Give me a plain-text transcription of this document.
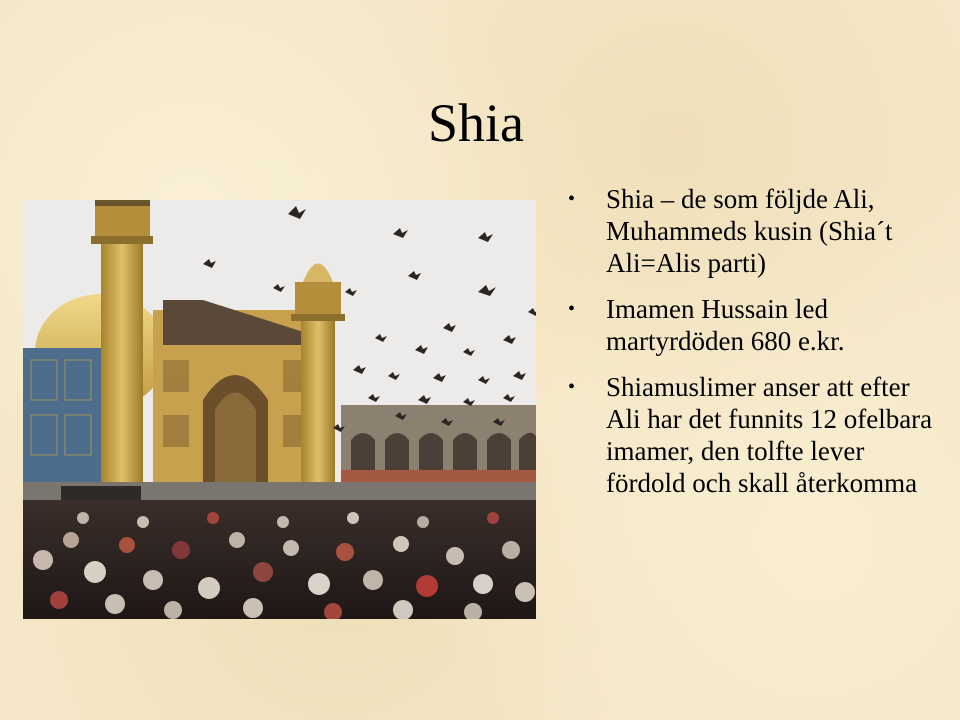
Shia
• Shia – de som följde Ali, Muhammeds kusin (Shia´t Ali=Alis parti)
• Imamen Hussain led martyrdöden 680 e.kr.
• Shiamuslimer anser att efter Ali har det funnits 12 ofelbara imamer, den tolfte lever fördold och skall återkomma
